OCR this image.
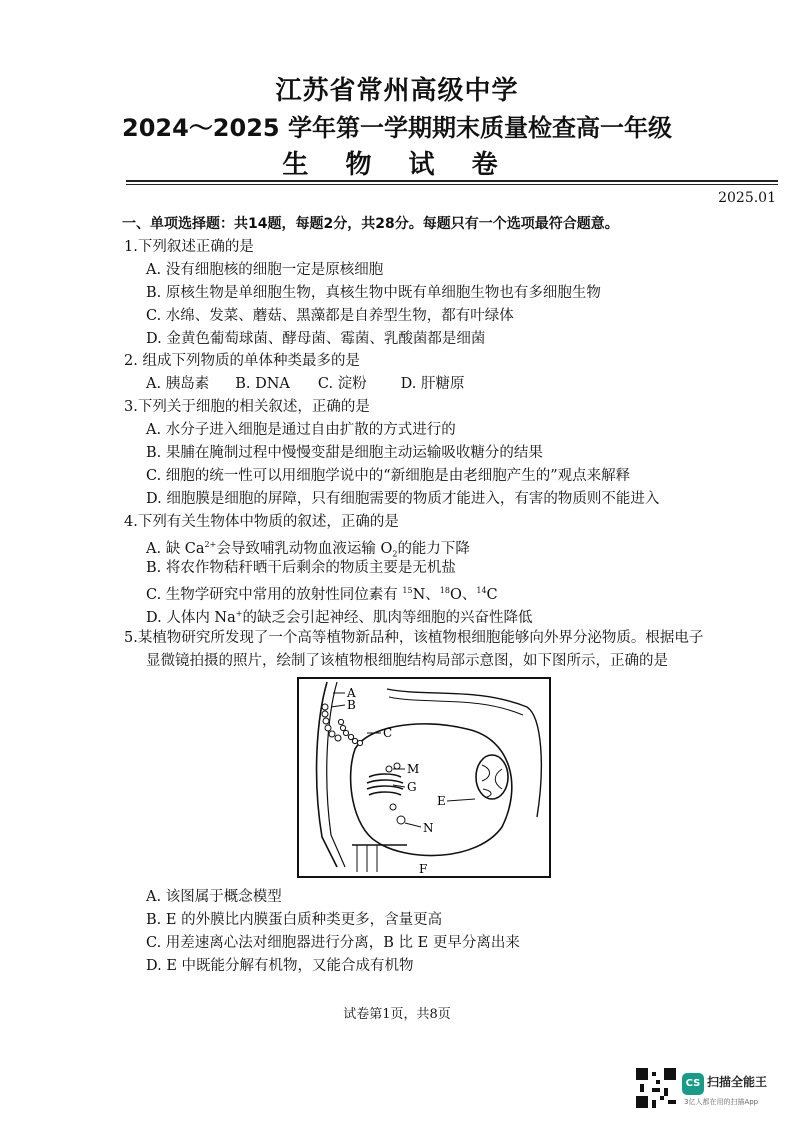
江苏省常州高级中学
2024～2025 学年第一学期期末质量检查高一年级
生 物 试 卷
2025.01
一、单项选择题：共14题，每题2分，共28分。每题只有一个选项最符合题意。
1.下列叙述正确的是
A. 没有细胞核的细胞一定是原核细胞
B. 原核生物是单细胞生物，真核生物中既有单细胞生物也有多细胞生物
C. 水绵、发菜、蘑菇、黑藻都是自养型生物，都有叶绿体
D. 金黄色葡萄球菌、酵母菌、霉菌、乳酸菌都是细菌
2. 组成下列物质的单体种类最多的是
A. 胰岛素 B. DNA C. 淀粉 D. 肝糖原
3.下列关于细胞的相关叙述，正确的是
A. 水分子进入细胞是通过自由扩散的方式进行的
B. 果脯在腌制过程中慢慢变甜是细胞主动运输吸收糖分的结果
C. 细胞的统一性可以用细胞学说中的“新细胞是由老细胞产生的”观点来解释
D. 细胞膜是细胞的屏障，只有细胞需要的物质才能进入，有害的物质则不能进入
4.下列有关生物体中物质的叙述，正确的是
A. 缺 $Ca^{2+}$会导致哺乳动物血液运输 $O_2$的能力下降
B. 将农作物秸秆晒干后剩余的物质主要是无机盐
C. 生物学研究中常用的放射性同位素有 $^{15}$N、$^{18}$O、$^{14}$C
D. 人体内 Na+的缺乏会引起神经、肌肉等细胞的兴奋性降低
5.某植物研究所发现了一个高等植物新品种，该植物根细胞能够向外界分泌物质。根据电子
显微镜拍摄的照片，绘制了该植物根细胞结构局部示意图，如下图所示，正确的是
A
B
C
M
G
E
N
F
A. 该图属于概念模型
B. E 的外膜比内膜蛋白质种类更多，含量更高
C. 用差速离心法对细胞器进行分离，B 比 E 更早分离出来
D. E 中既能分解有机物，又能合成有机物
试卷第1页，共8页
CS 扫描全能王
3亿人都在用的扫描App
